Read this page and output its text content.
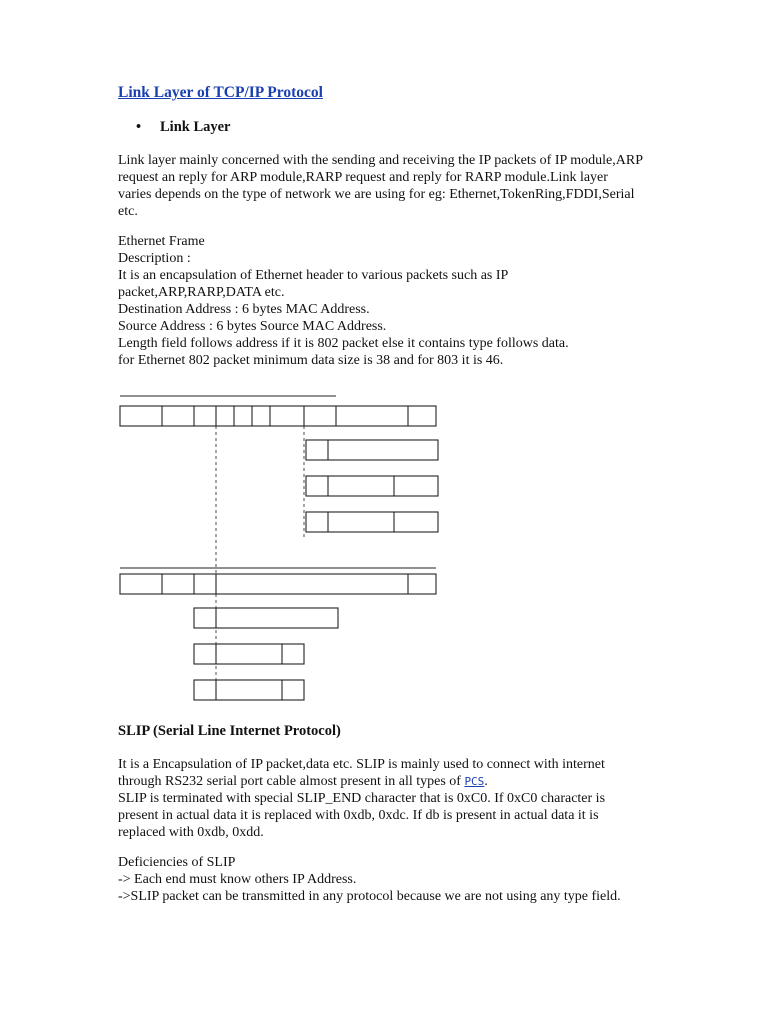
Link Layer of TCP/IP Protocol
• Link Layer

Link layer mainly concerned with the sending and receiving the IP packets of IP module,ARP

request an reply for ARP module,RARP request and reply for RARP module.Link layer

varies depends on the type of network we are using for eg: Ethernet,TokenRing,FDDI,Serial

etc.

Ethernet Frame

Description :

It is an encapsulation of Ethernet header to various packets such as IP

packet,ARP,RARP,DATA etc.

Destination Address : 6 bytes MAC Address.

Source Address : 6 bytes Source MAC Address.

Length field follows address if it is 802 packet else it contains type follows data.

for Ethernet 802 packet minimum data size is 38 and for 803 it is 46.

SLIP (Serial Line Internet Protocol)

It is a Encapsulation of IP packet,data etc. SLIP is mainly used to connect with internet

through RS232 serial port cable almost present in all types of PCS.

SLIP is terminated with special SLIP_END character that is 0xC0. If 0xC0 character is

present in actual data it is replaced with 0xdb, 0xdc. If db is present in actual data it is

replaced with 0xdb, 0xdd.

Deficiencies of SLIP

-> Each end must know others IP Address.

->SLIP packet can be transmitted in any protocol because we are not using any type field.
